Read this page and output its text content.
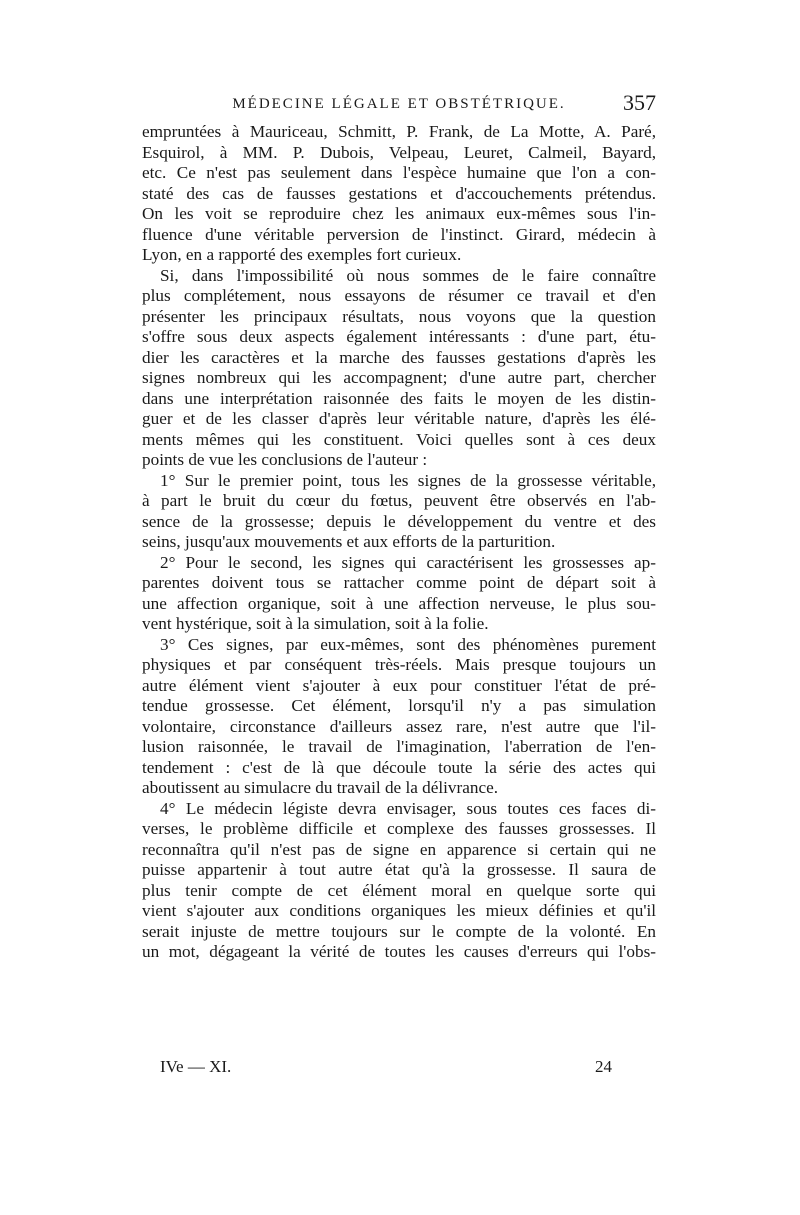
MÉDECINE LÉGALE ET OBSTÉTRIQUE.	357
empruntées à Mauriceau, Schmitt, P. Frank, de La Motte, A. Paré,
Esquirol, à MM. P. Dubois, Velpeau, Leuret, Calmeil, Bayard,
etc. Ce n'est pas seulement dans l'espèce humaine que l'on a con-
staté des cas de fausses gestations et d'accouchements prétendus.
On les voit se reproduire chez les animaux eux-mêmes sous l'in-
fluence d'une véritable perversion de l'instinct. Girard, médecin à
Lyon, en a rapporté des exemples fort curieux.
Si, dans l'impossibilité où nous sommes de le faire connaître
plus complétement, nous essayons de résumer ce travail et d'en
présenter les principaux résultats, nous voyons que la question
s'offre sous deux aspects également intéressants : d'une part, étu-
dier les caractères et la marche des fausses gestations d'après les
signes nombreux qui les accompagnent; d'une autre part, chercher
dans une interprétation raisonnée des faits le moyen de les distin-
guer et de les classer d'après leur véritable nature, d'après les élé-
ments mêmes qui les constituent. Voici quelles sont à ces deux
points de vue les conclusions de l'auteur :
1° Sur le premier point, tous les signes de la grossesse véritable,
à part le bruit du cœur du fœtus, peuvent être observés en l'ab-
sence de la grossesse; depuis le développement du ventre et des
seins, jusqu'aux mouvements et aux efforts de la parturition.
2° Pour le second, les signes qui caractérisent les grossesses ap-
parentes doivent tous se rattacher comme point de départ soit à
une affection organique, soit à une affection nerveuse, le plus sou-
vent hystérique, soit à la simulation, soit à la folie.
3° Ces signes, par eux-mêmes, sont des phénomènes purement
physiques et par conséquent très-réels. Mais presque toujours un
autre élément vient s'ajouter à eux pour constituer l'état de pré-
tendue grossesse. Cet élément, lorsqu'il n'y a pas simulation
volontaire, circonstance d'ailleurs assez rare, n'est autre que l'il-
lusion raisonnée, le travail de l'imagination, l'aberration de l'en-
tendement : c'est de là que découle toute la série des actes qui
aboutissent au simulacre du travail de la délivrance.
4° Le médecin légiste devra envisager, sous toutes ces faces di-
verses, le problème difficile et complexe des fausses grossesses. Il
reconnaîtra qu'il n'est pas de signe en apparence si certain qui ne
puisse appartenir à tout autre état qu'à la grossesse. Il saura de
plus tenir compte de cet élément moral en quelque sorte qui
vient s'ajouter aux conditions organiques les mieux définies et qu'il
serait injuste de mettre toujours sur le compte de la volonté. En
un mot, dégageant la vérité de toutes les causes d'erreurs qui l'obs-
IVe — XI.	24
